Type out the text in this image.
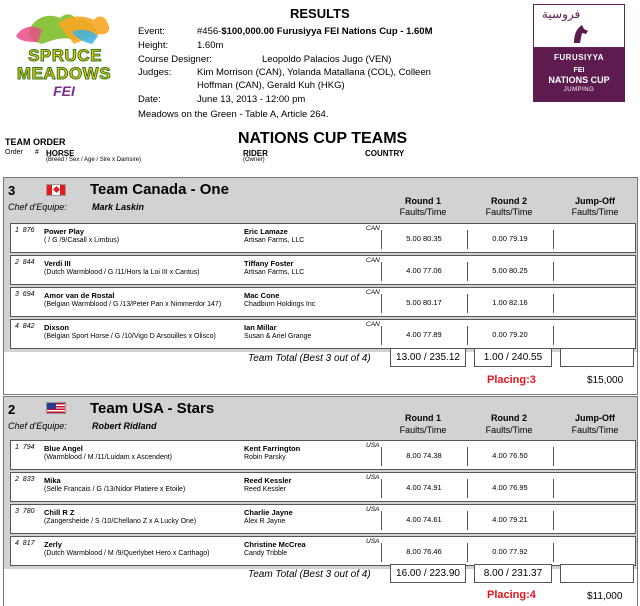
SPRUCE
MEADOWS
FEI
فروسية
FURUSIYYA
FEI
NATIONS CUP
JUMPING
RESULTS
Event:	#456-$100,000.00 Furusiyya FEI Nations Cup - 1.60M
Height:	1.60m
Course Designer:	Leopoldo Palacios Jugo (VEN)
Judges:	Kim Morrison (CAN), Yolanda Matallana (COL), Colleen
Hoffman (CAN), Gerald Kuh (HKG)
Date:	June 13, 2013 - 12:00 pm
Meadows on the Green - Table A, Article 264.
TEAM ORDER	NATIONS CUP TEAMS
Order # HORSE
(Breed / Sex / Age / Sire x Damsire)
RIDER
(Owner)
COUNTRY
3	Team Canada - One
Chef d'Equipe:	Mark Laskin
Round 1
Faults/Time
Round 2
Faults/Time
Jump-Off
Faults/Time
1 876 Power Play
( / G /9/Casall x Limbus)
Eric Lamaze
Artisan Farms, LLC
CAN
5.00 80.35	0.00 79.19
2 844 Verdi III
(Dutch Warmblood / G /11/Hors la Loi III x Cantus)
Tiffany Foster
Artisan Farms, LLC
CAN
4.00 77.06	5.00 80.25
3 694 Amor van de Rostal
(Belgian Warmblood / G /13/Peter Pan x Nimmerdor 147)
Mac Cone
Chadburn Holdings Inc
CAN
5.00 80.17	1.00 82.16
4 842 Dixson
(Belgian Sport Horse / G /10/Vigo D Arsouilles x Olisco)
Ian Millar
Susan & Ariel Grange
CAN
4.00 77.89	0.00 79.20
Team Total (Best 3 out of 4)	13.00 / 235.12	1.00 / 240.55
Placing:3	$15,000
2	Team USA - Stars
Chef d'Equipe:	Robert Ridland
Round 1
Faults/Time
Round 2
Faults/Time
Jump-Off
Faults/Time
1 794 Blue Angel
(Warmblood / M /11/Luidam x Ascendent)
Kent Farrington
Robin Parsky
USA
8.00 74.38	4.00 76.50
2 833 Mika
(Selle Francais / G /13/Nidor Platiere x Etoile)
Reed Kessler
Reed Kessler
USA
4.00 74.91	4.00 76.95
3 780 Chill R Z
(Zangersheide / S /10/Chellano Z x A Lucky One)
Charlie Jayne
Alex R Jayne
USA
4.00 74.61	4.00 79.21
4 817 Zerly
(Dutch Warmblood / M /9/Querlybet Hero x Carthago)
Christine McCrea
Candy Tribble
USA
8.00 76.46	0.00 77.92
Team Total (Best 3 out of 4)	16.00 / 223.90	8.00 / 231.37
Placing:4	$11,000
